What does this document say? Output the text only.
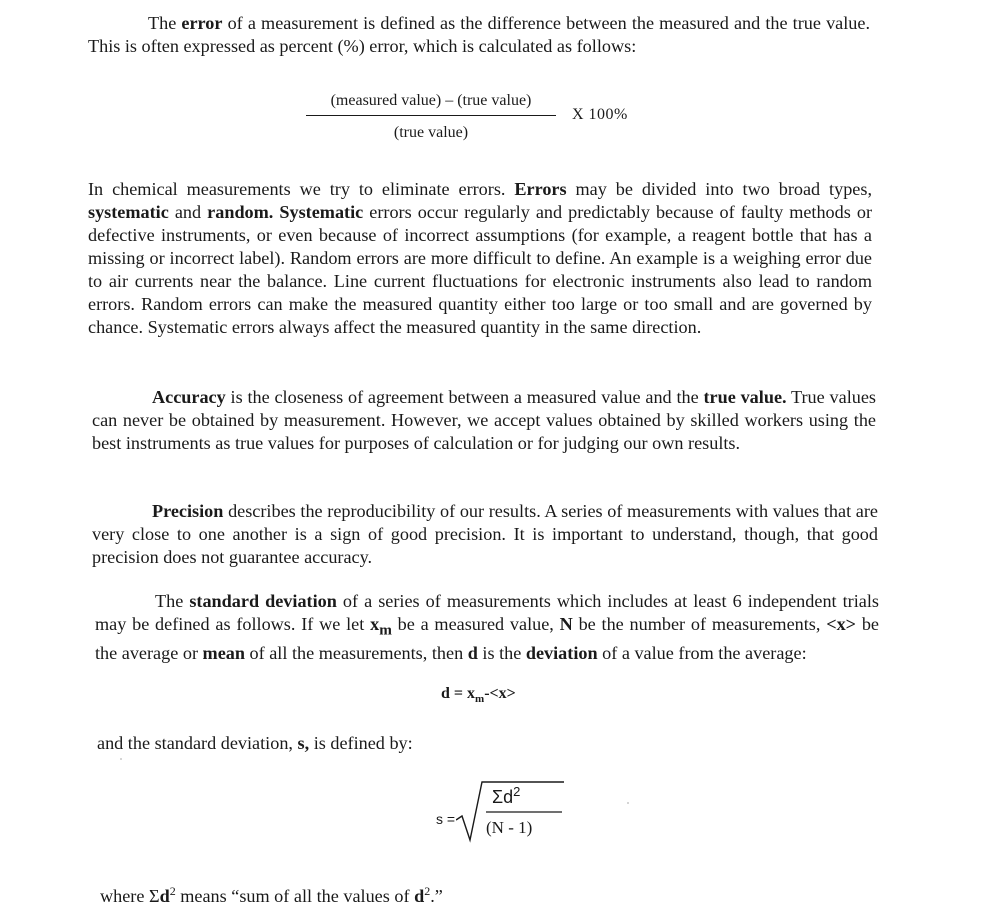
The error of a measurement is defined as the difference between the measured and the true value. This is often expressed as percent (%) error, which is calculated as follows:

(measured value) – (true value)
(true value)
X 100%

In chemical measurements we try to eliminate errors. Errors may be divided into two broad types, systematic and random. Systematic errors occur regularly and predictably because of faulty methods or defective instruments, or even because of incorrect assumptions (for example, a reagent bottle that has a missing or incorrect label). Random errors are more difficult to define. An example is a weighing error due to air currents near the balance. Line current fluctuations for electronic instruments also lead to random errors. Random errors can make the measured quantity either too large or too small and are governed by chance. Systematic errors always affect the measured quantity in the same direction.

Accuracy is the closeness of agreement between a measured value and the true value. True values can never be obtained by measurement. However, we accept values obtained by skilled workers using the best instruments as true values for purposes of calculation or for judging our own results.

Precision describes the reproducibility of our results. A series of measurements with values that are very close to one another is a sign of good precision. It is important to understand, though, that good precision does not guarantee accuracy.

The standard deviation of a series of measurements which includes at least 6 independent trials may be defined as follows. If we let $x_m$ be a measured value, N be the number of measurements, <x> be the average or mean of all the measurements, then d is the deviation of a value from the average:

$d = x_m-<x>$

and the standard deviation, s, is defined by:

s =
$\Sigma d^2$
(N - 1)

where $\Sigma d^2$ means “sum of all the values of $d^2$.”
